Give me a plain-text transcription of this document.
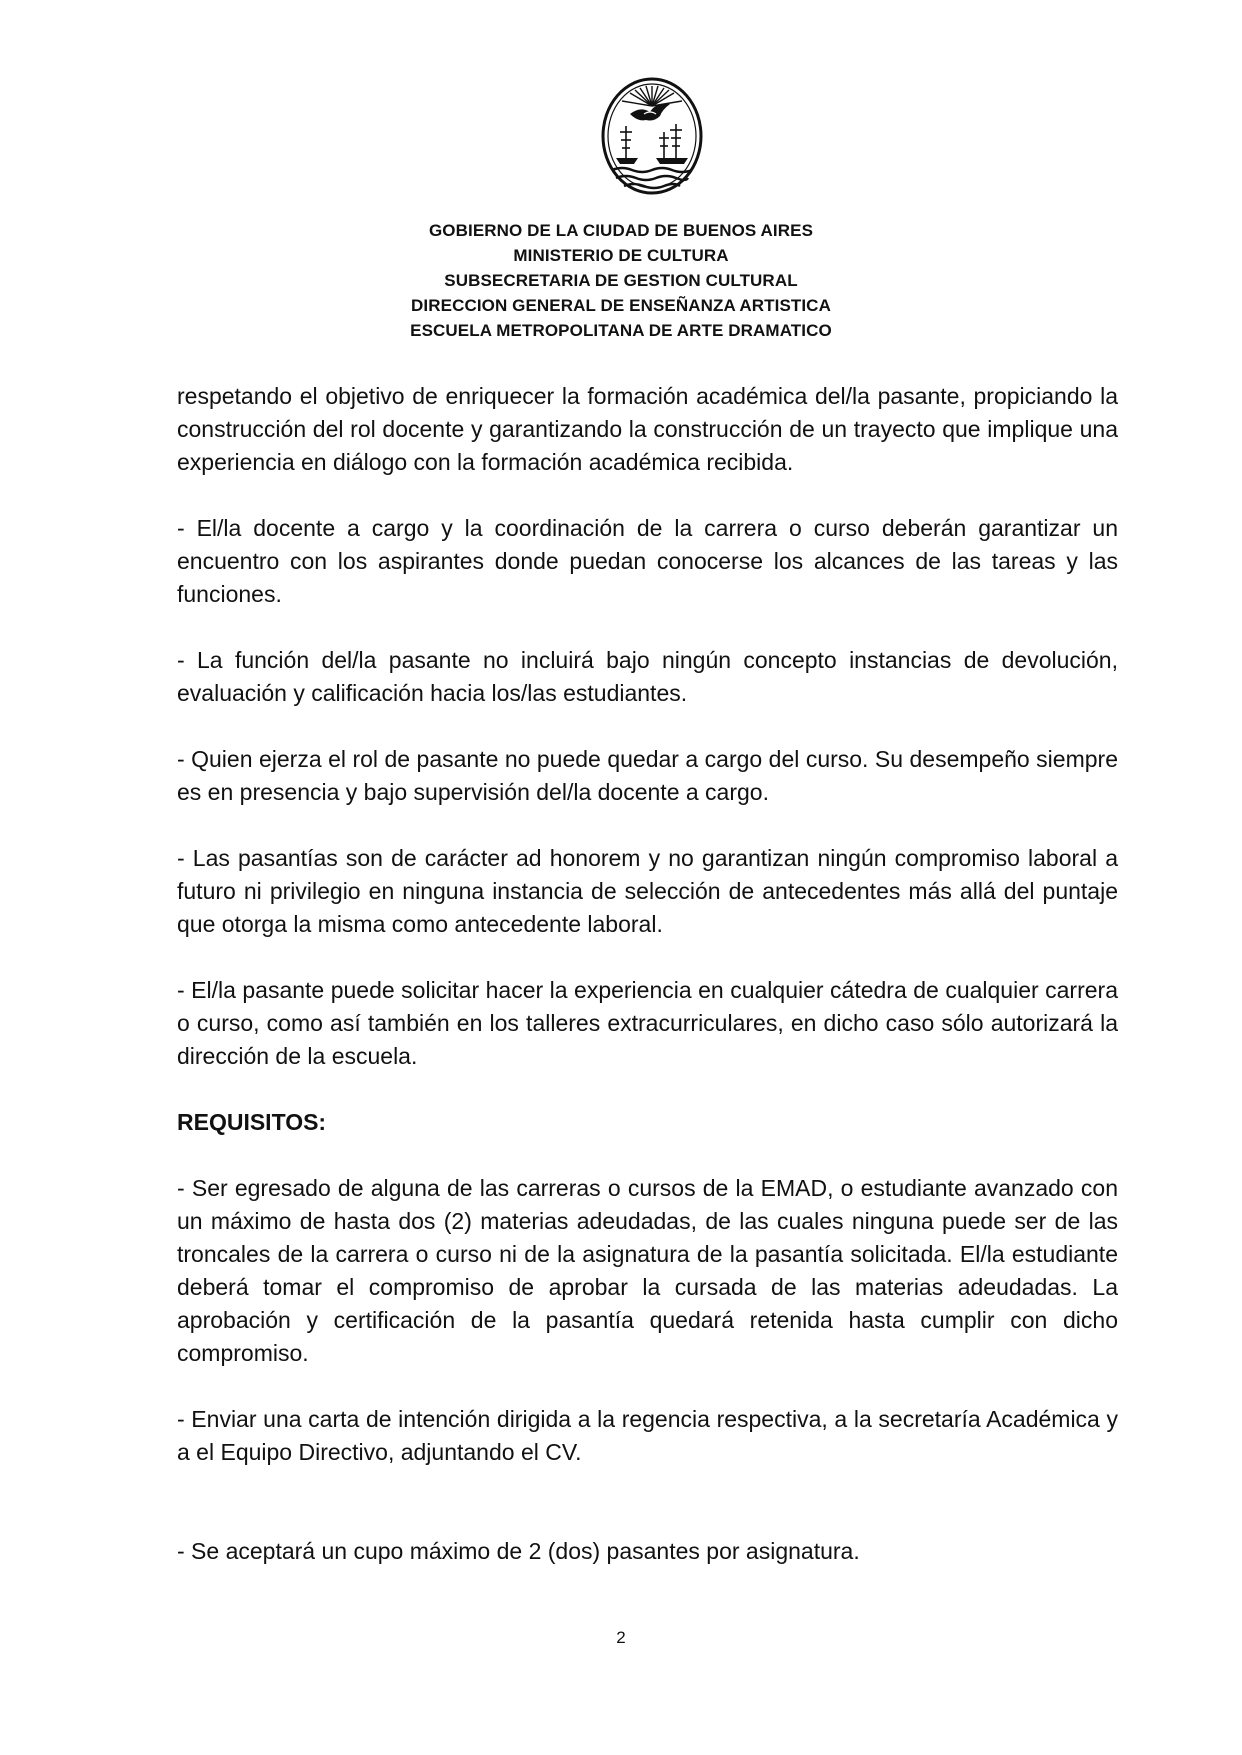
GOBIERNO DE LA CIUDAD DE BUENOS AIRES
MINISTERIO DE CULTURA
SUBSECRETARIA DE GESTION CULTURAL
DIRECCION GENERAL DE ENSEÑANZA ARTISTICA
ESCUELA METROPOLITANA DE ARTE DRAMATICO

respetando el objetivo de enriquecer la formación académica del/la pasante, propiciando la construcción del rol docente y garantizando la construcción de un trayecto que implique una experiencia en diálogo con la formación académica recibida.

- El/la docente a cargo y la coordinación de la carrera o curso deberán garantizar un encuentro con los aspirantes donde puedan conocerse los alcances de las tareas y las funciones.

- La función del/la pasante no incluirá bajo ningún concepto instancias de devolución, evaluación y calificación hacia los/las estudiantes.

- Quien ejerza el rol de pasante no puede quedar a cargo del curso. Su desempeño siempre es en presencia y bajo supervisión del/la docente a cargo.

- Las pasantías son de carácter ad honorem y no garantizan ningún compromiso laboral a futuro ni privilegio en ninguna instancia de selección de antecedentes más allá del puntaje que otorga la misma como antecedente laboral.

- El/la pasante puede solicitar hacer la experiencia en cualquier cátedra de cualquier carrera o curso, como así también en los talleres extracurriculares, en dicho caso sólo autorizará la dirección de la escuela.

REQUISITOS:

- Ser egresado de alguna de las carreras o cursos de la EMAD, o estudiante avanzado con un máximo de hasta dos (2) materias adeudadas, de las cuales ninguna puede ser de las troncales de la carrera o curso ni de la asignatura de la pasantía solicitada. El/la estudiante deberá tomar el compromiso de aprobar la cursada de las materias adeudadas. La aprobación y certificación de la pasantía quedará retenida hasta cumplir con dicho compromiso.

- Enviar una carta de intención dirigida a la regencia respectiva, a la secretaría Académica y a el Equipo Directivo, adjuntando el CV.

- Se aceptará un cupo máximo de 2 (dos) pasantes por asignatura.

2
